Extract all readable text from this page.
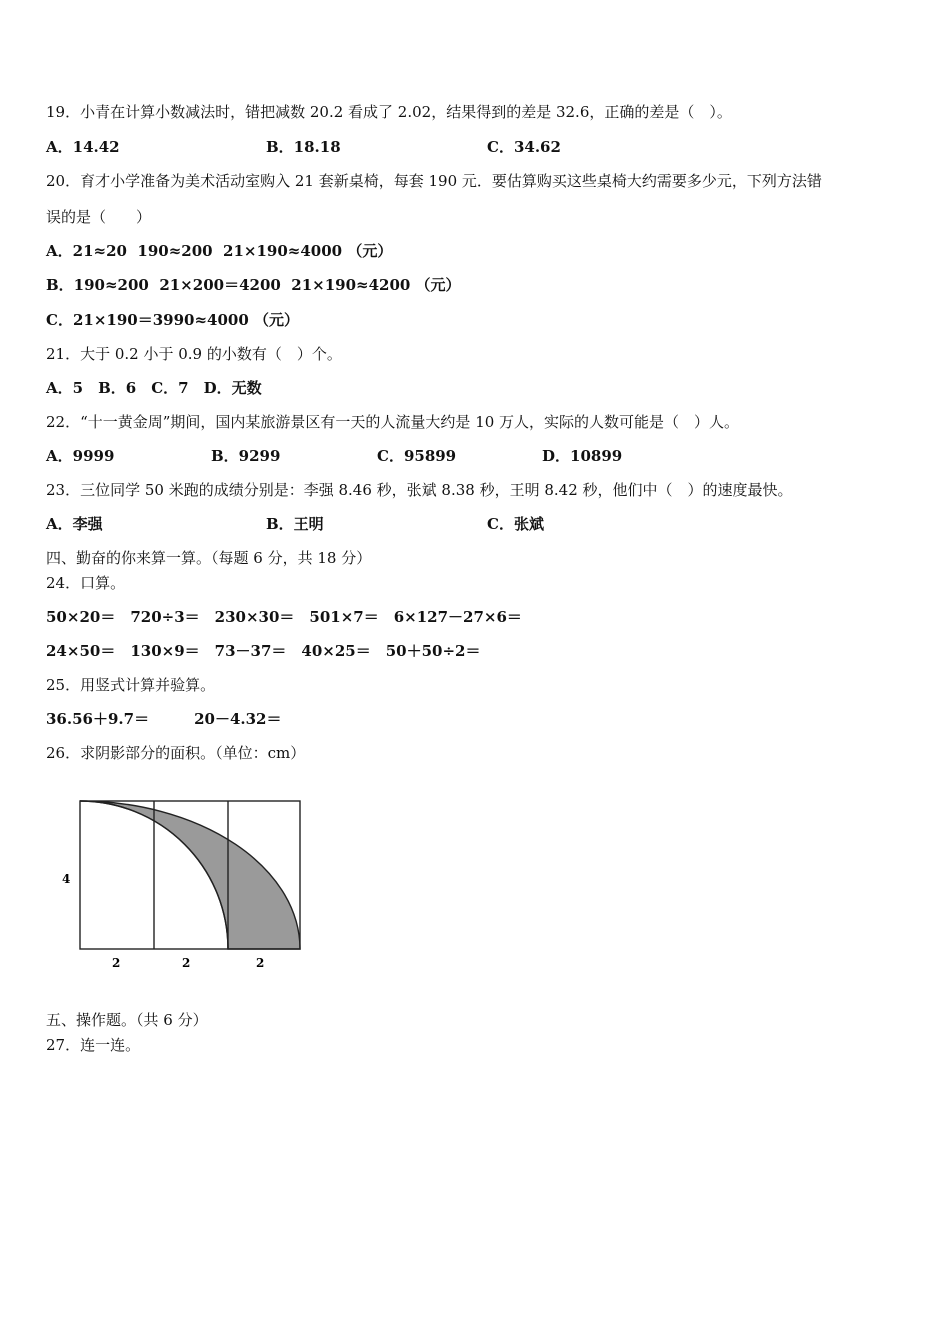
19．小青在计算小数减法时，错把减数 20.2 看成了 2.02，结果得到的差是 32.6，正确的差是（　）。
A．14.42	B．18.18	C．34.62
20．育才小学准备为美术活动室购入 21 套新桌椅，每套 190 元．要估算购买这些桌椅大约需要多少元，下列方法错
误的是（　　）
A．21≈20  190≈200  21×190≈4000 （元）
B．190≈200  21×200＝4200  21×190≈4200 （元）
C．21×190＝3990≈4000 （元）
21．大于 0.2 小于 0.9 的小数有（　）个。
A．5　B．6　C．7　D．无数
22．“十一黄金周”期间，国内某旅游景区有一天的人流量大约是 10 万人，实际的人数可能是（　）人。
A．9999	B．9299	C．95899	D．10899
23．三位同学 50 米跑的成绩分别是：李强 8.46 秒，张斌 8.38 秒，王明 8.42 秒，他们中（　）的速度最快。
A．李强	B．王明	C．张斌
四、勤奋的你来算一算。（每题 6 分，共 18 分）
24．口算。
50×20＝　720÷3＝　230×30＝　501×7＝　6×127－27×6＝
24×50＝　130×9＝　73－37＝　40×25＝　50＋50÷2＝
25．用竖式计算并验算。
36.56＋9.7＝　　　20－4.32＝
26．求阴影部分的面积。（单位：cm）
4
2	2	2
五、操作题。（共 6 分）
27．连一连。
